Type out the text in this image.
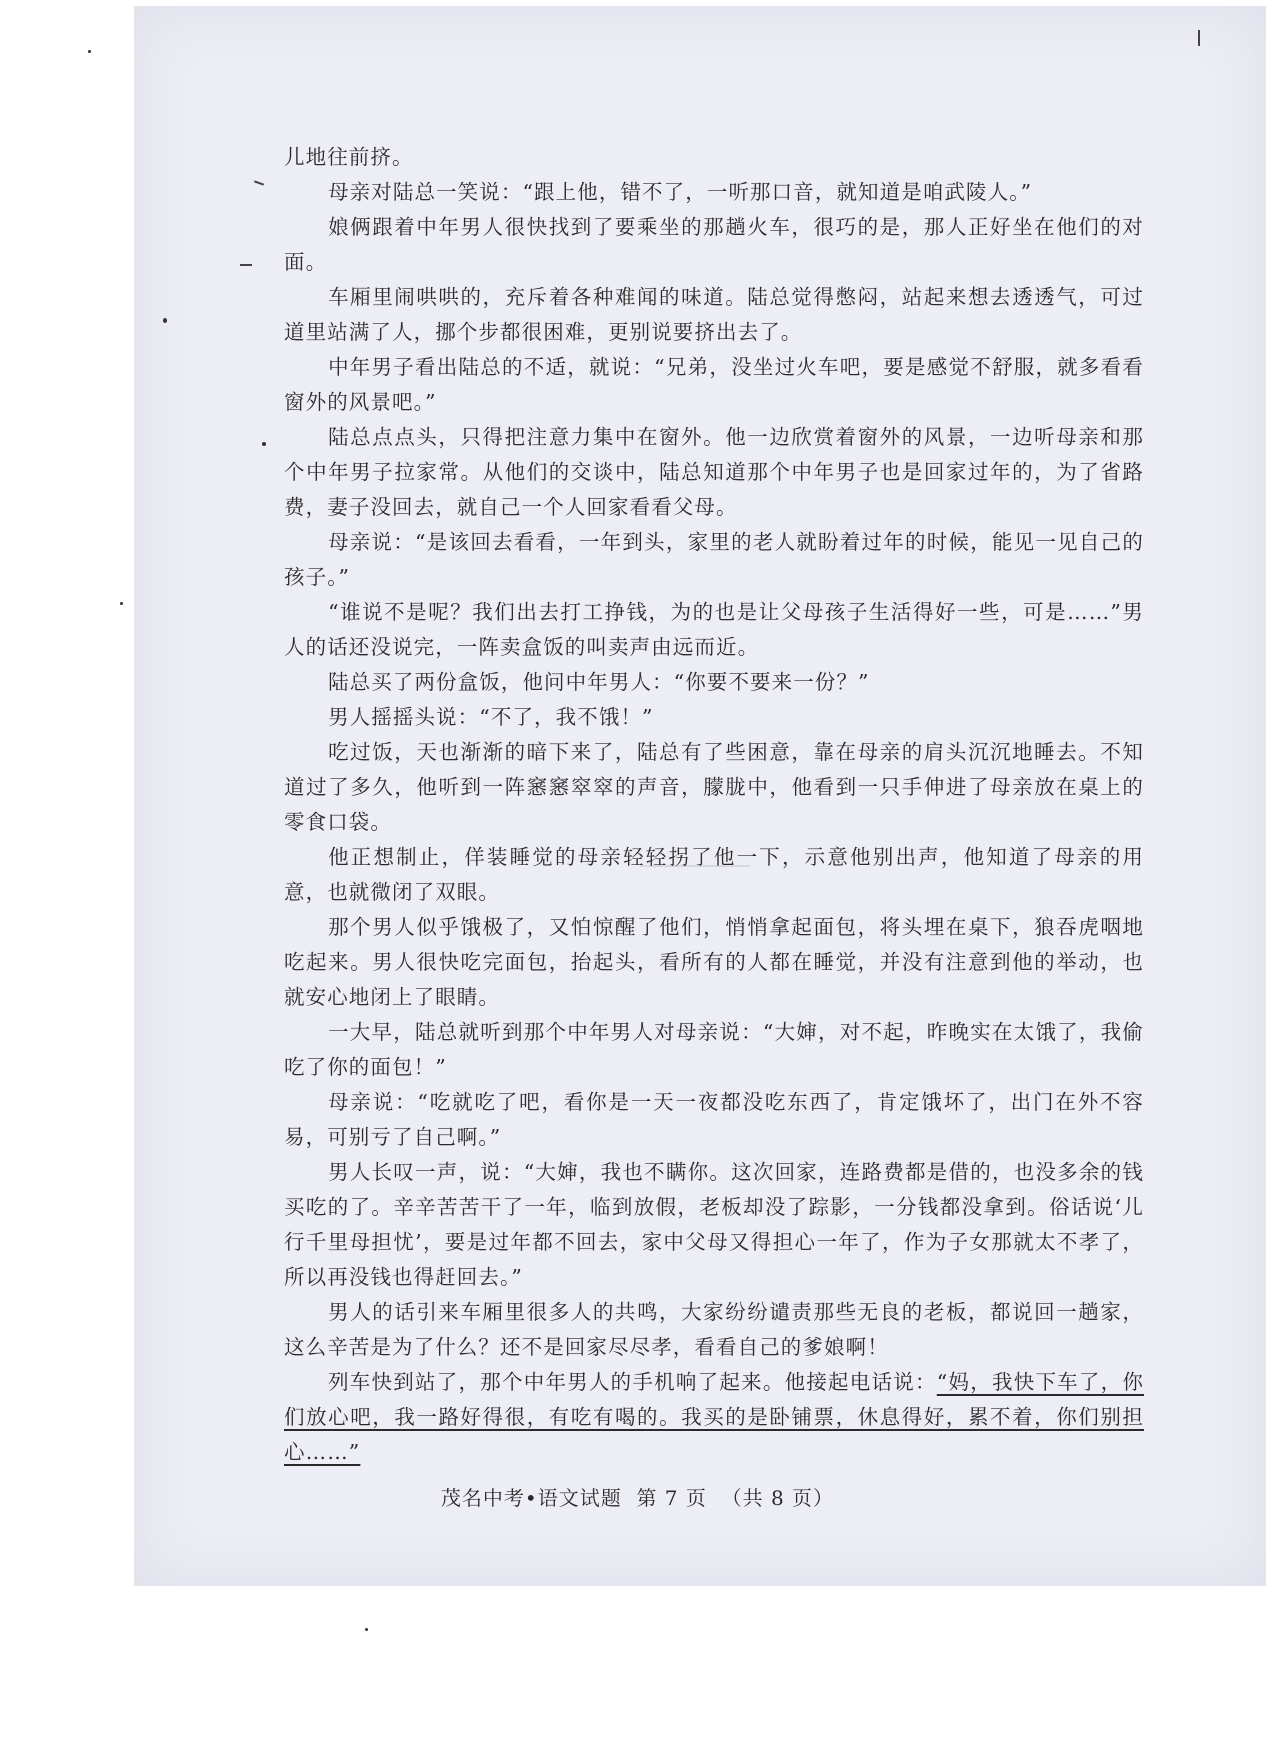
儿地往前挤。

母亲对陆总一笑说：“跟上他，错不了，一听那口音，就知道是咱武陵人。”

娘俩跟着中年男人很快找到了要乘坐的那趟火车，很巧的是，那人正好坐在他们的对面。

车厢里闹哄哄的，充斥着各种难闻的味道。陆总觉得憋闷，站起来想去透透气，可过道里站满了人，挪个步都很困难，更别说要挤出去了。

中年男子看出陆总的不适，就说：“兄弟，没坐过火车吧，要是感觉不舒服，就多看看窗外的风景吧。”

陆总点点头，只得把注意力集中在窗外。他一边欣赏着窗外的风景，一边听母亲和那个中年男子拉家常。从他们的交谈中，陆总知道那个中年男子也是回家过年的，为了省路费，妻子没回去，就自己一个人回家看看父母。

母亲说：“是该回去看看，一年到头，家里的老人就盼着过年的时候，能见一见自己的孩子。”

“谁说不是呢？我们出去打工挣钱，为的也是让父母孩子生活得好一些，可是……”男人的话还没说完，一阵卖盒饭的叫卖声由远而近。

陆总买了两份盒饭，他问中年男人：“你要不要来一份？”

男人摇摇头说：“不了，我不饿！”

吃过饭，天也渐渐的暗下来了，陆总有了些困意，靠在母亲的肩头沉沉地睡去。不知道过了多久，他听到一阵窸窸窣窣的声音，朦胧中，他看到一只手伸进了母亲放在桌上的零食口袋。

他正想制止，佯装睡觉的母亲轻轻拐了他一下，示意他别出声，他知道了母亲的用意，也就微闭了双眼。

那个男人似乎饿极了，又怕惊醒了他们，悄悄拿起面包，将头埋在桌下，狼吞虎咽地吃起来。男人很快吃完面包，抬起头，看所有的人都在睡觉，并没有注意到他的举动，也就安心地闭上了眼睛。

一大早，陆总就听到那个中年男人对母亲说：“大婶，对不起，昨晚实在太饿了，我偷吃了你的面包！”

母亲说：“吃就吃了吧，看你是一天一夜都没吃东西了，肯定饿坏了，出门在外不容易，可别亏了自己啊。”

男人长叹一声，说：“大婶，我也不瞒你。这次回家，连路费都是借的，也没多余的钱买吃的了。辛辛苦苦干了一年，临到放假，老板却没了踪影，一分钱都没拿到。俗话说‘儿行千里母担忧’，要是过年都不回去，家中父母又得担心一年了，作为子女那就太不孝了，所以再没钱也得赶回去。”

男人的话引来车厢里很多人的共鸣，大家纷纷谴责那些无良的老板，都说回一趟家，这么辛苦是为了什么？还不是回家尽尽孝，看看自己的爹娘啊！

列车快到站了，那个中年男人的手机响了起来。他接起电话说：“妈，我快下车了，你们放心吧，我一路好得很，有吃有喝的。我买的是卧铺票，休息得好，累不着，你们别担心……”

茂名中考•语文试题 第 7 页 （共 8 页）
